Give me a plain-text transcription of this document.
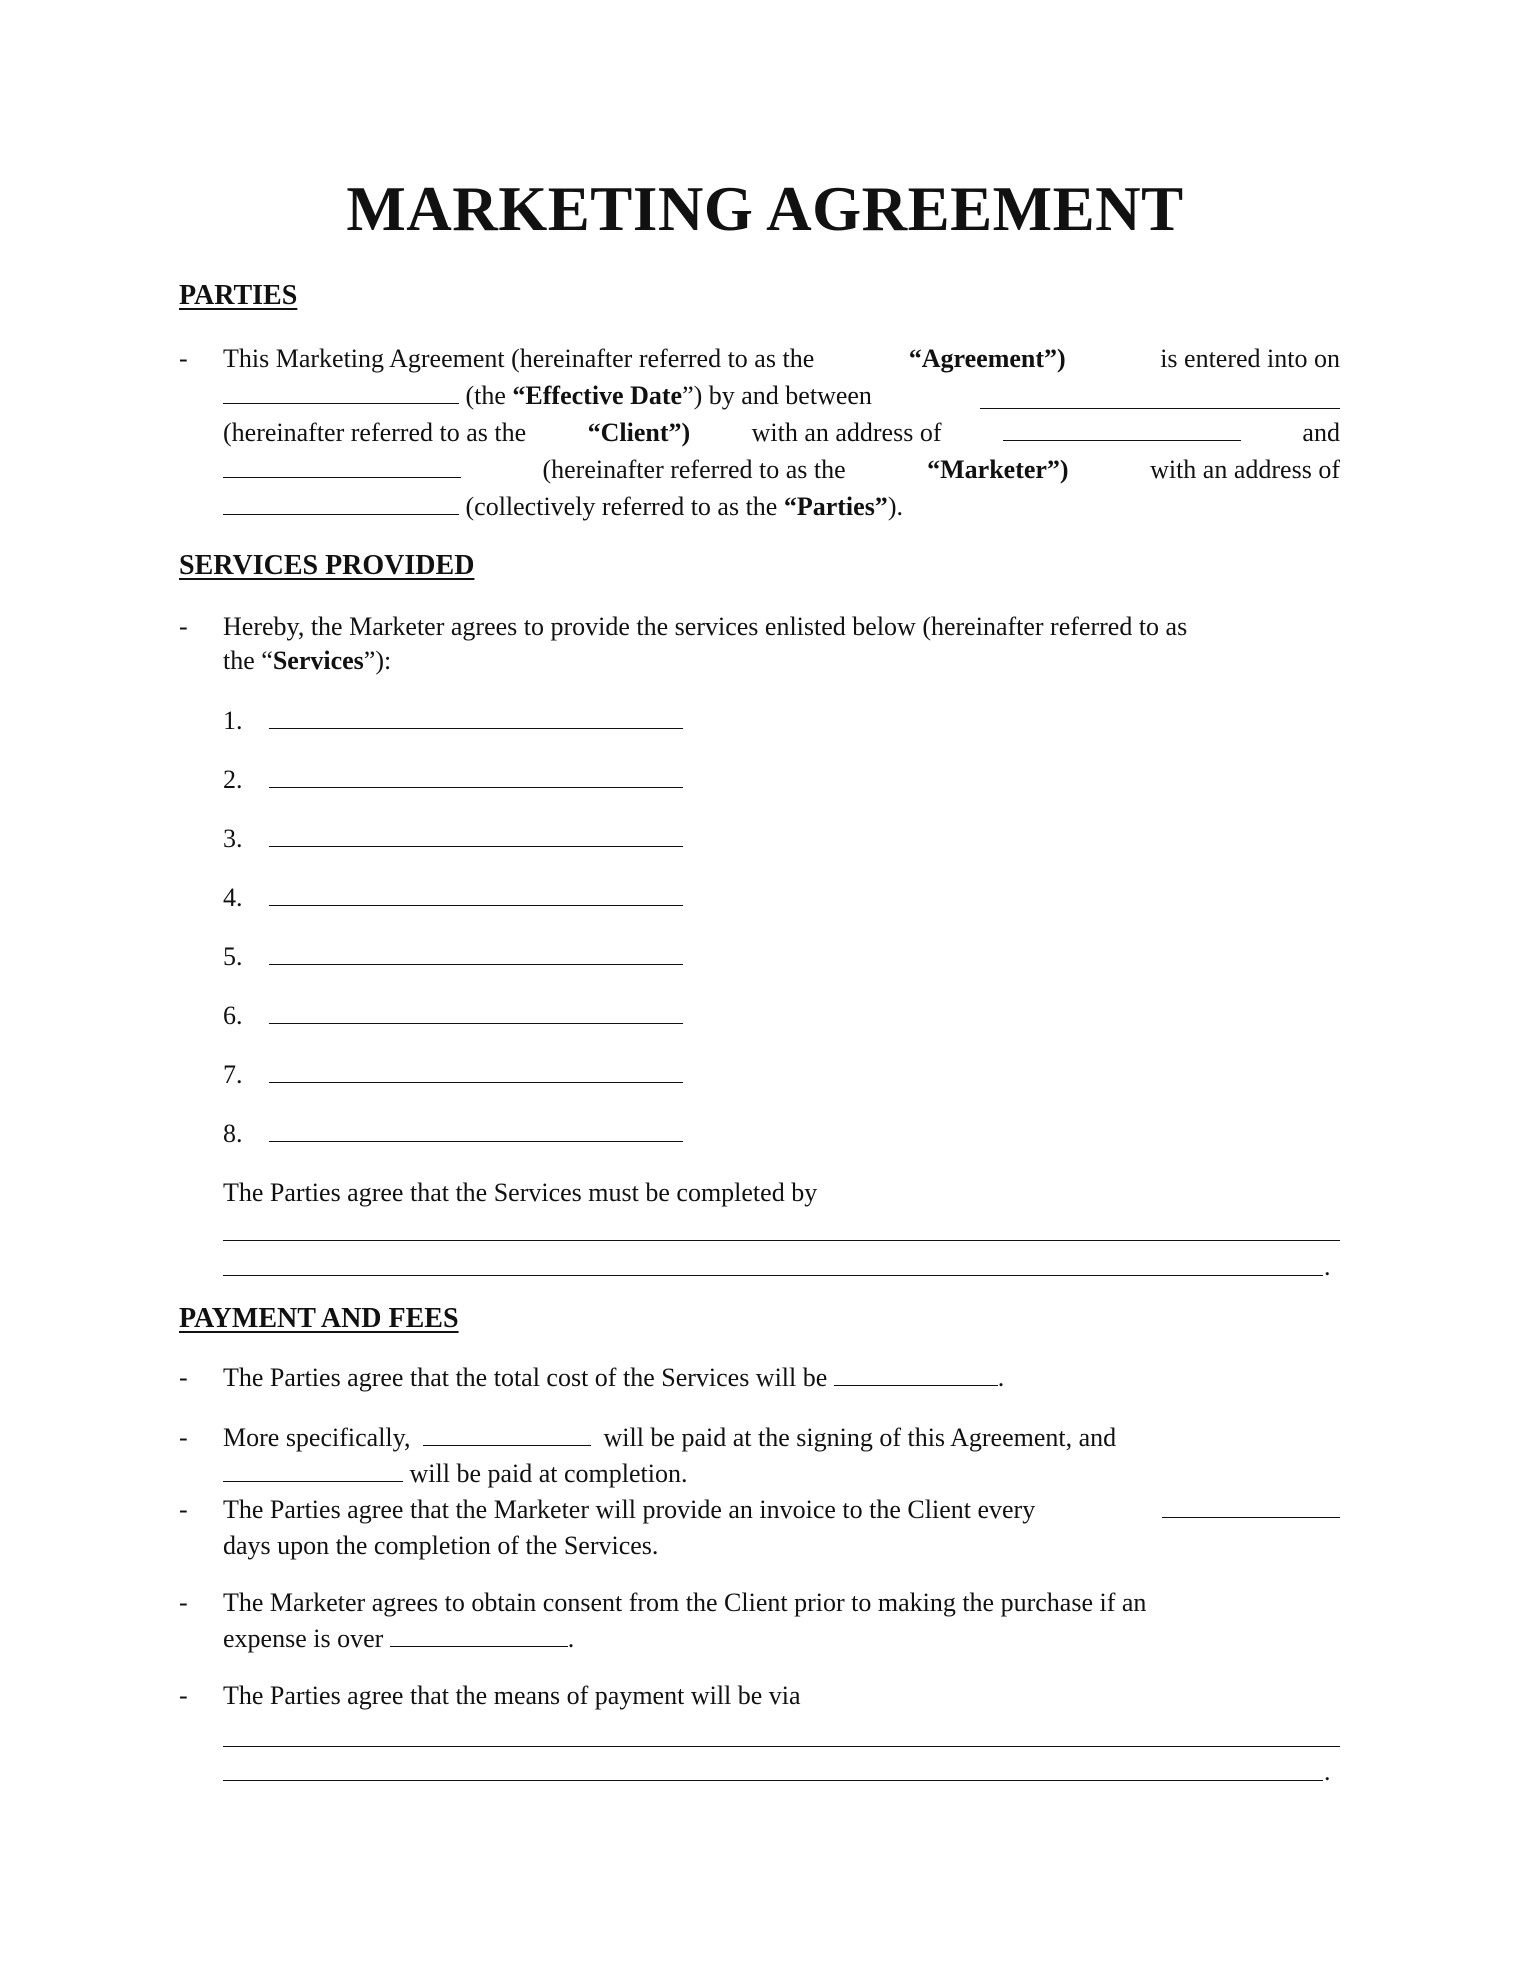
MARKETING AGREEMENT
PARTIES
- This Marketing Agreement (hereinafter referred to as the	“Agreement”)	is entered into on
(the “Effective Date”) by and between
(hereinafter referred to as the “Client”) with an address of	and
(hereinafter referred to as the	“Marketer”)	with an address of
(collectively referred to as the “Parties”).
SERVICES PROVIDED
- Hereby, the Marketer agrees to provide the services enlisted below (hereinafter referred to as
the “Services”):
1.
2.
3.
4.
5.
6.
7.
8.
The Parties agree that the Services must be completed by
.
PAYMENT AND FEES
- The Parties agree that the total cost of the Services will be	.
- More specifically,	will be paid at the signing of this Agreement, and
will be paid at completion.
- The Parties agree that the Marketer will provide an invoice to the Client every
days upon the completion of the Services.
- The Marketer agrees to obtain consent from the Client prior to making the purchase if an
expense is over	.
- The Parties agree that the means of payment will be via
.
